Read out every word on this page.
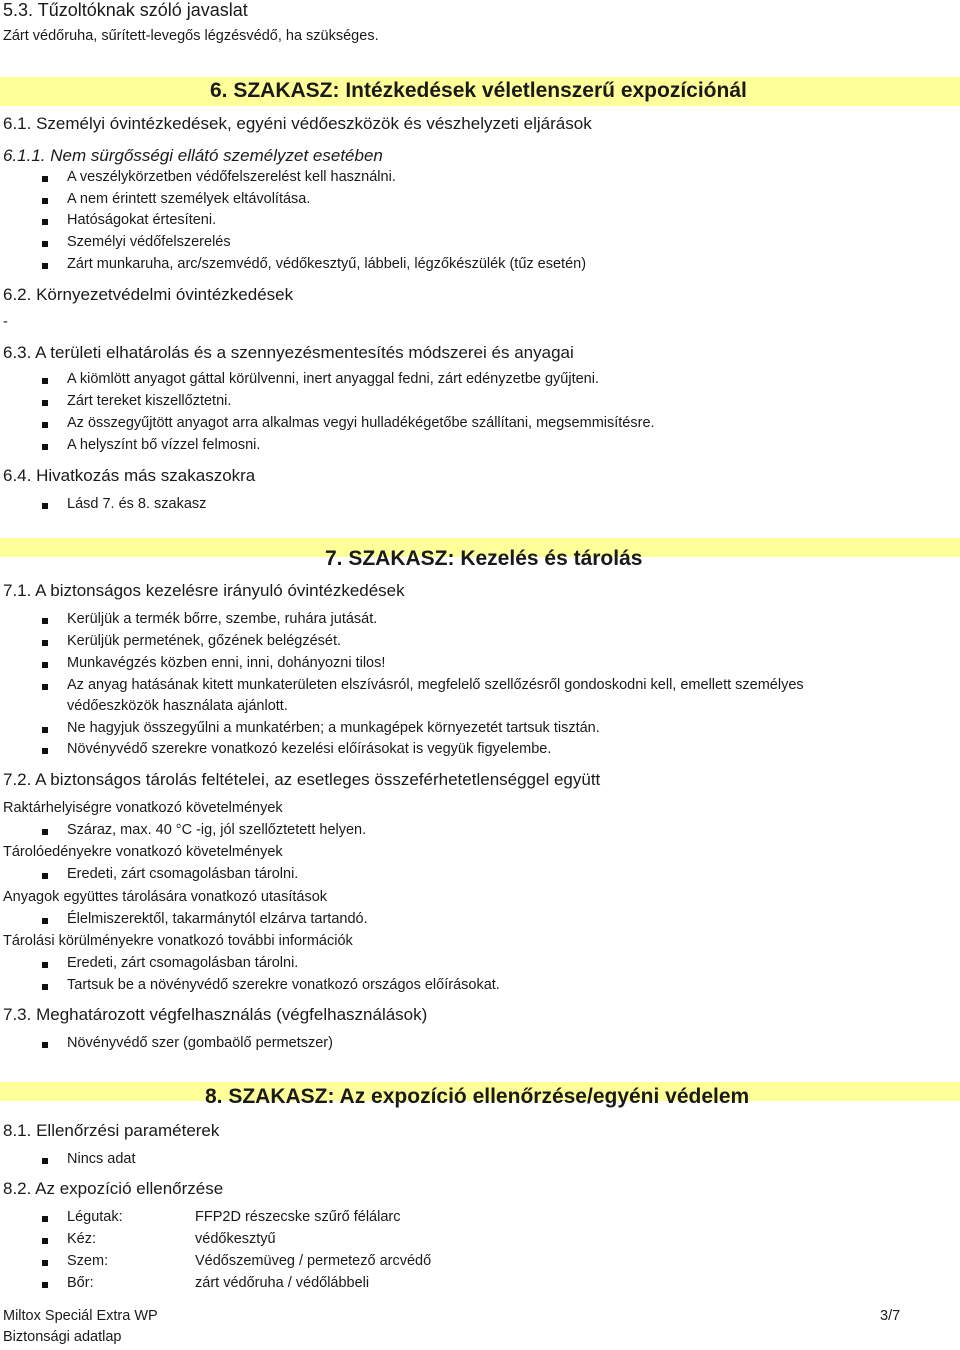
5.3. Tűzoltóknak szóló javaslat
Zárt védőruha, sűrített-levegős légzésvédő, ha szükséges.
6. SZAKASZ: Intézkedések véletlenszerű expozíciónál
6.1. Személyi óvintézkedések, egyéni védőeszközök és vészhelyzeti eljárások
6.1.1. Nem sürgősségi ellátó személyzet esetében
A veszélykörzetben védőfelszerelést kell használni.
A nem érintett személyek eltávolítása.
Hatóságokat értesíteni.
Személyi védőfelszerelés
Zárt munkaruha, arc/szemvédő, védőkesztyű, lábbeli, légzőkészülék (tűz esetén)
6.2. Környezetvédelmi óvintézkedések
-
6.3. A területi elhatárolás és a szennyezésmentesítés módszerei és anyagai
A kiömlött anyagot gáttal körülvenni, inert anyaggal fedni, zárt edényzetbe gyűjteni.
Zárt tereket kiszellőztetni.
Az összegyűjtött anyagot arra alkalmas vegyi hulladékégetőbe szállítani, megsemmisítésre.
A helyszínt bő vízzel felmosni.
6.4. Hivatkozás más szakaszokra
Lásd 7. és 8. szakasz
7. SZAKASZ: Kezelés és tárolás
7.1. A biztonságos kezelésre irányuló óvintézkedések
Kerüljük a termék bőrre, szembe, ruhára jutását.
Kerüljük permetének, gőzének belégzését.
Munkavégzés közben enni, inni, dohányozni tilos!
Az anyag hatásának kitett munkaterületen elszívásról, megfelelő szellőzésről gondoskodni kell, emellett személyes
védőeszközök használata ajánlott.
Ne hagyjuk összegyűlni a munkatérben; a munkagépek környezetét tartsuk tisztán.
Növényvédő szerekre vonatkozó kezelési előírásokat is vegyük figyelembe.
7.2. A biztonságos tárolás feltételei, az esetleges összeférhetetlenséggel együtt
Raktárhelyiségre vonatkozó követelmények
Száraz, max. 40 °C -ig, jól szellőztetett helyen.
Tárolóedényekre vonatkozó követelmények
Eredeti, zárt csomagolásban tárolni.
Anyagok együttes tárolására vonatkozó utasítások
Élelmiszerektől, takarmánytól elzárva tartandó.
Tárolási körülményekre vonatkozó további információk
Eredeti, zárt csomagolásban tárolni.
Tartsuk be a növényvédő szerekre vonatkozó országos előírásokat.
7.3. Meghatározott végfelhasználás (végfelhasználások)
Növényvédő szer (gombaölő permetszer)
8. SZAKASZ: Az expozíció ellenőrzése/egyéni védelem
8.1. Ellenőrzési paraméterek
Nincs adat
8.2. Az expozíció ellenőrzése
Légutak:	FFP2D részecske szűrő félálarc
Kéz:	védőkesztyű
Szem:	Védőszemüveg / permetező arcvédő
Bőr:	zárt védőruha / védőlábbeli
Miltox Speciál Extra WP
Biztonsági adatlap
3/7
